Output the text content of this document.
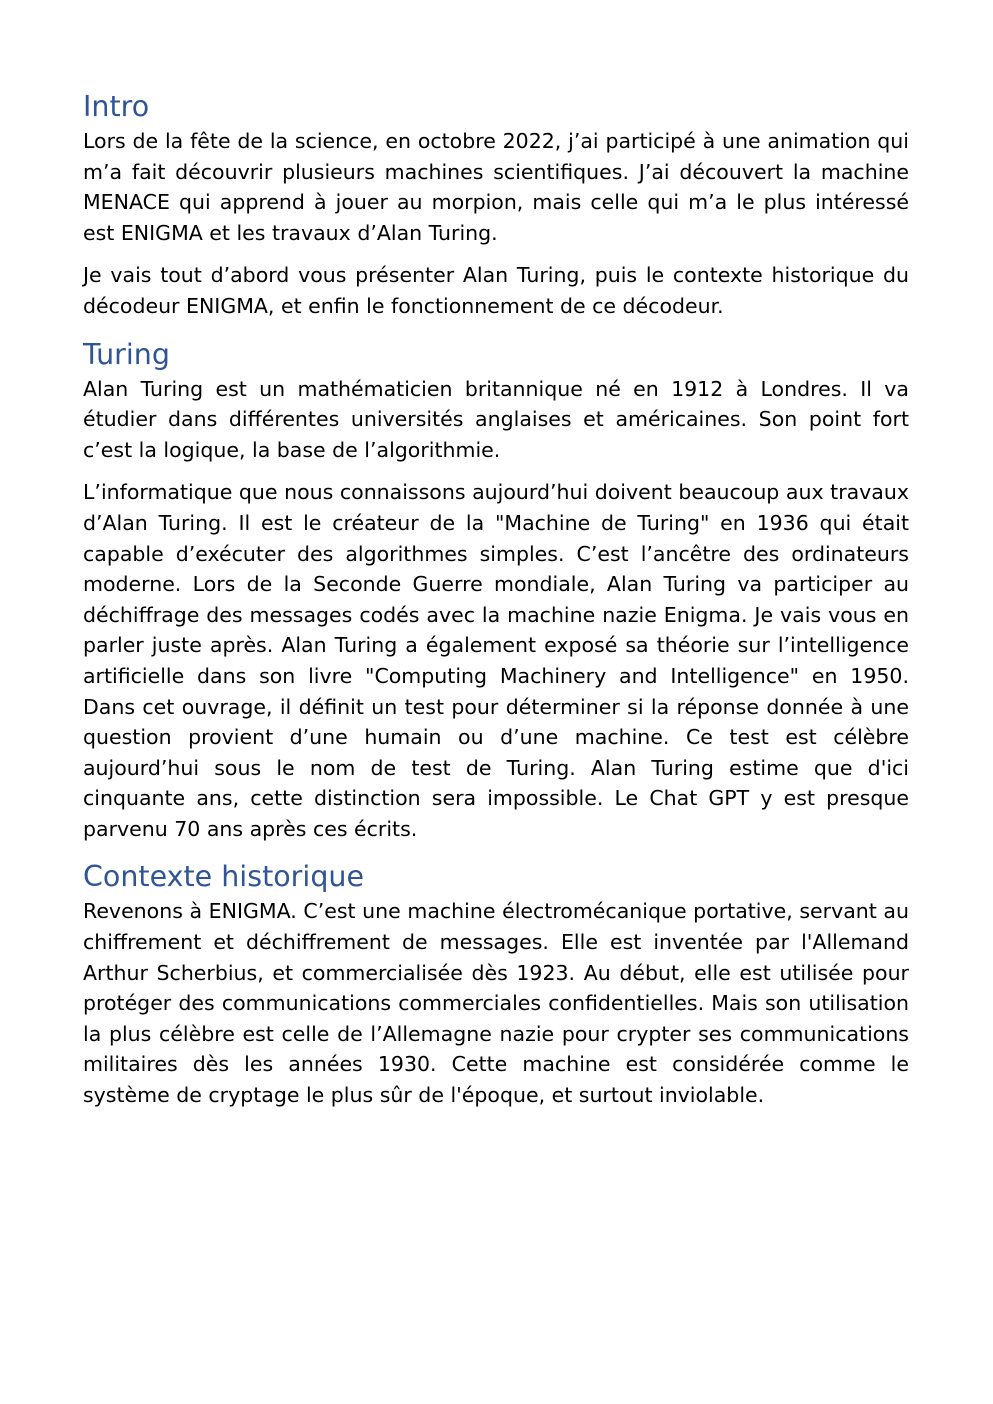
Intro

Lors de la fête de la science, en octobre 2022, j’ai participé à une animation qui m’a fait découvrir plusieurs machines scientifiques. J’ai découvert la machine MENACE qui apprend à jouer au morpion, mais celle qui m’a le plus intéressé est ENIGMA et les travaux d’Alan Turing.

Je vais tout d’abord vous présenter Alan Turing, puis le contexte historique du décodeur ENIGMA, et enfin le fonctionnement de ce décodeur.

Turing

Alan Turing est un mathématicien britannique né en 1912 à Londres. Il va étudier dans différentes universités anglaises et américaines. Son point fort c’est la logique, la base de l’algorithmie.

L’informatique que nous connaissons aujourd’hui doivent beaucoup aux travaux d’Alan Turing. Il est le créateur de la "Machine de Turing" en 1936 qui était capable d’exécuter des algorithmes simples. C’est l’ancêtre des ordinateurs moderne. Lors de la Seconde Guerre mondiale, Alan Turing va participer au déchiffrage des messages codés avec la machine nazie Enigma. Je vais vous en parler juste après. Alan Turing a également exposé sa théorie sur l’intelligence artificielle dans son livre "Computing Machinery and Intelligence" en 1950. Dans cet ouvrage, il définit un test pour déterminer si la réponse donnée à une question provient d’une humain ou d’une machine. Ce test est célèbre aujourd’hui sous le nom de test de Turing. Alan Turing estime que d'ici cinquante ans, cette distinction sera impossible. Le Chat GPT y est presque parvenu 70 ans après ces écrits.

Contexte historique

Revenons à ENIGMA. C’est une machine électromécanique portative, servant au chiffrement et déchiffrement de messages. Elle est inventée par l'Allemand Arthur Scherbius, et commercialisée dès 1923. Au début, elle est utilisée pour protéger des communications commerciales confidentielles. Mais son utilisation la plus célèbre est celle de l’Allemagne nazie pour crypter ses communications militaires dès les années 1930. Cette machine est considérée comme le système de cryptage le plus sûr de l'époque, et surtout inviolable.
